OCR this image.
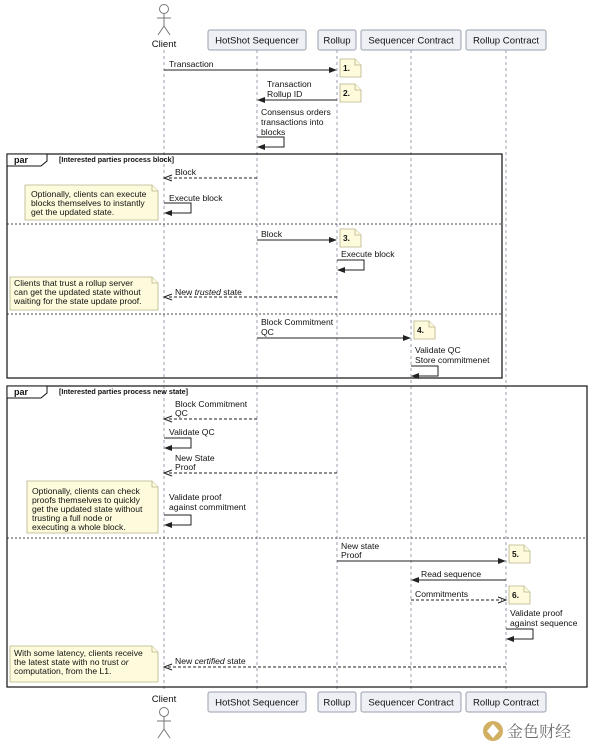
Client	HotShot Sequencer	Rollup Sequencer Contract Rollup Contract
Client	HotShot Sequencer	Rollup Sequencer Contract Rollup Contract
par	[Interested parties process block]
par	[Interested parties process new state]
Transaction
Transaction
Rollup ID
Consensus orders
transactions into
blocks
Block
Execute block
Block
Execute block
New trusted state
Block Commitment
QC
Validate QC
Store commitmenet
Block Commitment
QC
Validate QC
New State
Proof
Validate proof
against commitment
New state
Proof
Read sequence
Commitments
Validate proof
against sequence
New certified state
Optionally, clients can execute
blocks themselves to instantly
get the updated state.
Clients that trust a rollup server
can get the updated state without
waiting for the state update proof.
Optionally, clients can check
proofs themselves to quickly
get the updated state without
trusting a full node or
executing a whole block.
With some latency, clients receive
the latest state with no trust or
computation, from the L1.
1.
2.
3.
4.
5.
6.
金色财经
